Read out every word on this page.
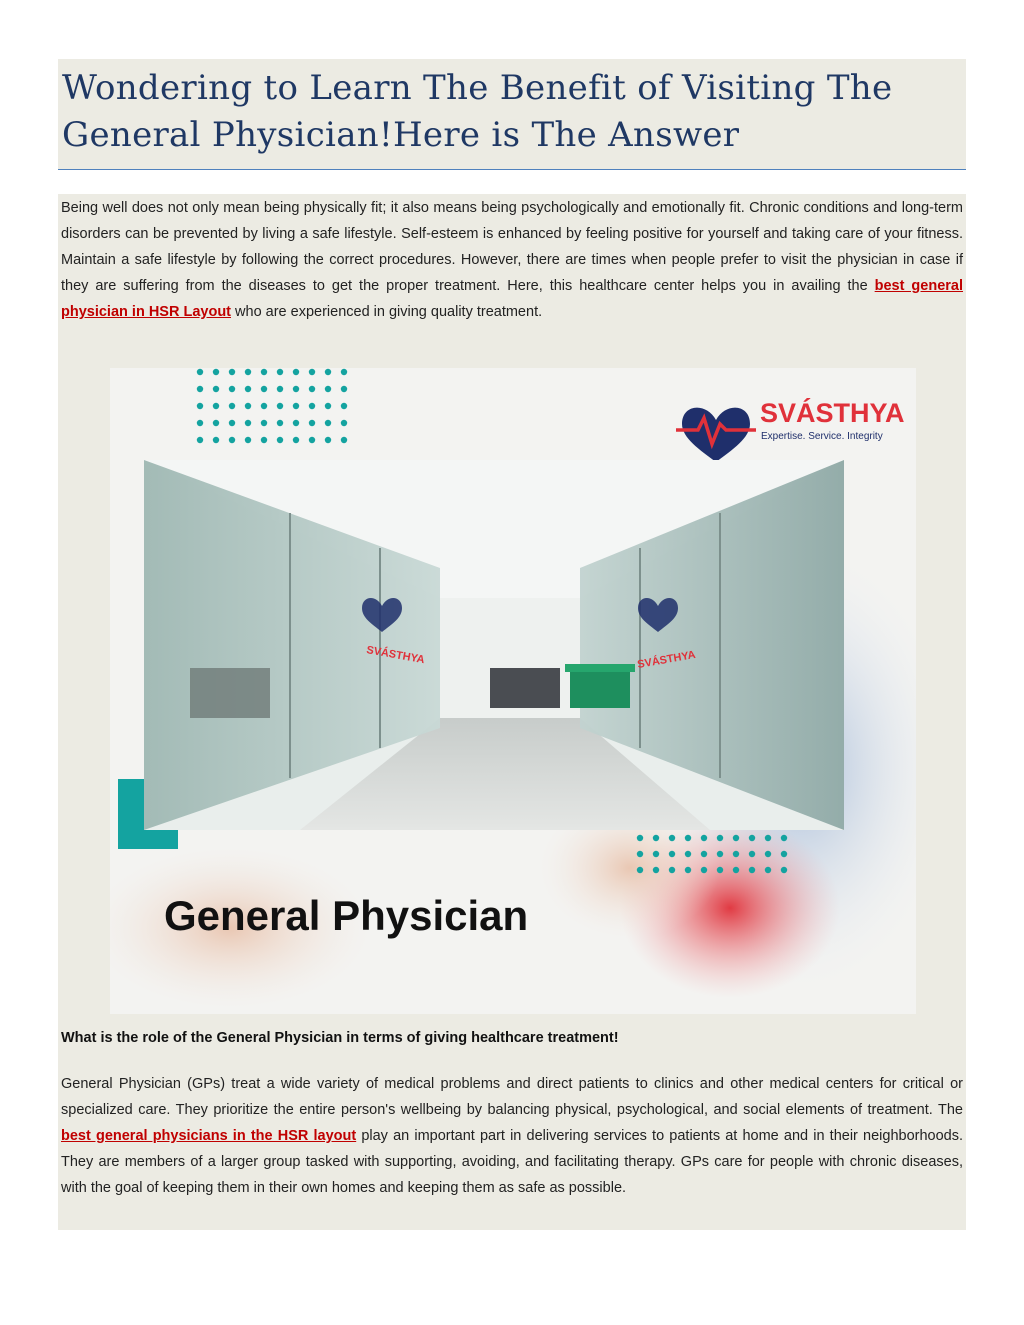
Wondering to Learn The Benefit of Visiting The
General Physician!Here is The Answer

Being well does not only mean being physically fit; it also means being psychologically and emotionally fit. Chronic conditions and long-term disorders can be prevented by living a safe lifestyle. Self-esteem is enhanced by feeling positive for yourself and taking care of your fitness. Maintain a safe lifestyle by following the correct procedures. However, there are times when people prefer to visit the physician in case if they are suffering from the diseases to get the proper treatment. Here, this healthcare center helps you in availing the best general physician in HSR Layout who are experienced in giving quality treatment.

SVÁSTHYA
Expertise. Service. Integrity
SVÁSTHYA	SVÁSTHYA
General Physician
What is the role of the General Physician in terms of giving healthcare treatment!

General Physician (GPs) treat a wide variety of medical problems and direct patients to clinics and other medical centers for critical or specialized care. They prioritize the entire person's wellbeing by balancing physical, psychological, and social elements of treatment. The best general physicians in the HSR layout play an important part in delivering services to patients at home and in their neighborhoods. They are members of a larger group tasked with supporting, avoiding, and facilitating therapy. GPs care for people with chronic diseases, with the goal of keeping them in their own homes and keeping them as safe as possible.
